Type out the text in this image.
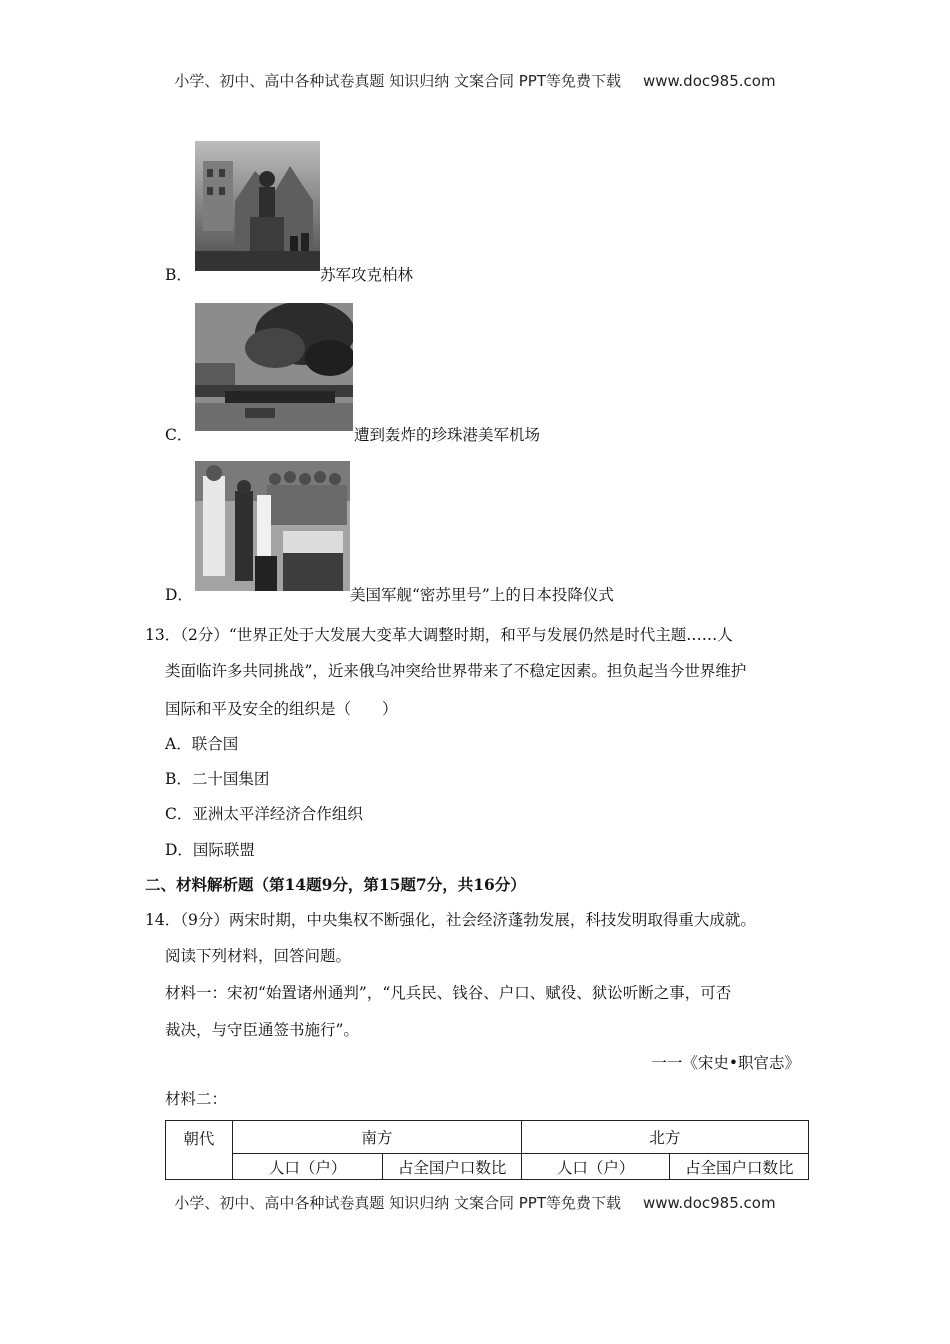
小学、初中、高中各种试卷真题 知识归纳 文案合同 PPT等免费下载 www.doc985.com
B．	苏军攻克柏林
C．	遭到轰炸的珍珠港美军机场
D．	美国军舰“密苏里号”上的日本投降仪式
13．（2分）“世界正处于大发展大变革大调整时期，和平与发展仍然是时代主题……人
类面临许多共同挑战”，近来俄乌冲突给世界带来了不稳定因素。担负起当今世界维护
国际和平及安全的组织是（　　）
A．联合国
B．二十国集团
C．亚洲太平洋经济合作组织
D．国际联盟
二、材料解析题（第14题9分，第15题7分，共16分）
14．（9分）两宋时期，中央集权不断强化，社会经济蓬勃发展，科技发明取得重大成就。
阅读下列材料，回答问题。
材料一：宋初“始置诸州通判”，“凡兵民、钱谷、户口、赋役、狱讼听断之事，可否
裁决，与守臣通签书施行”。
一一《宋史•职官志》
材料二：
朝代	南方		北方	
	人口（户）	占全国户口数比	人口（户）	占全国户口数比
小学、初中、高中各种试卷真题 知识归纳 文案合同 PPT等免费下载 www.doc985.com
